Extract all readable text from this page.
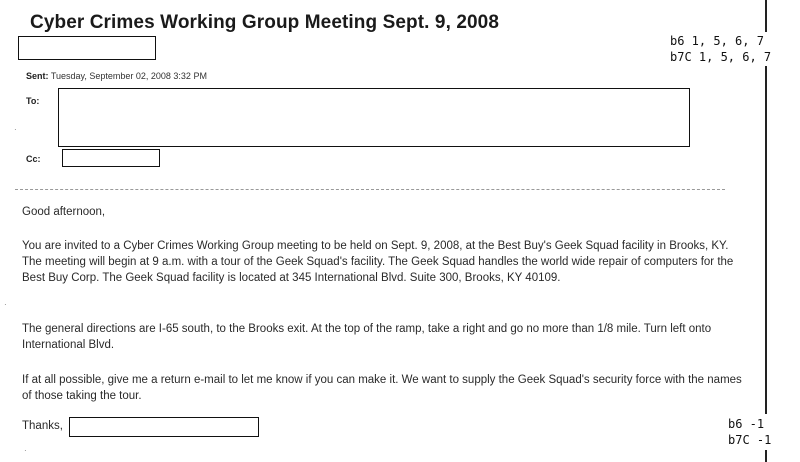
Cyber Crimes Working Group Meeting Sept. 9, 2008
b6 1, 5, 6, 7
b7C 1, 5, 6, 7
Sent: Tuesday, September 02, 2008 3:32 PM
To:
Cc:
Good afternoon,
You are invited to a Cyber Crimes Working Group meeting to be held on Sept. 9, 2008, at the Best Buy's Geek Squad facility in Brooks, KY. The meeting will begin at 9 a.m. with a tour of the Geek Squad's facility. The Geek Squad handles the world wide repair of computers for the Best Buy Corp. The Geek Squad facility is located at 345 International Blvd. Suite 300, Brooks, KY 40109.
The general directions are I-65 south, to the Brooks exit. At the top of the ramp, take a right and go no more than 1/8 mile. Turn left onto International Blvd.
If at all possible, give me a return e-mail to let me know if you can make it. We want to supply the Geek Squad's security force with the names of those taking the tour.
Thanks,	b6 -1
b7C -1
·
·
·
